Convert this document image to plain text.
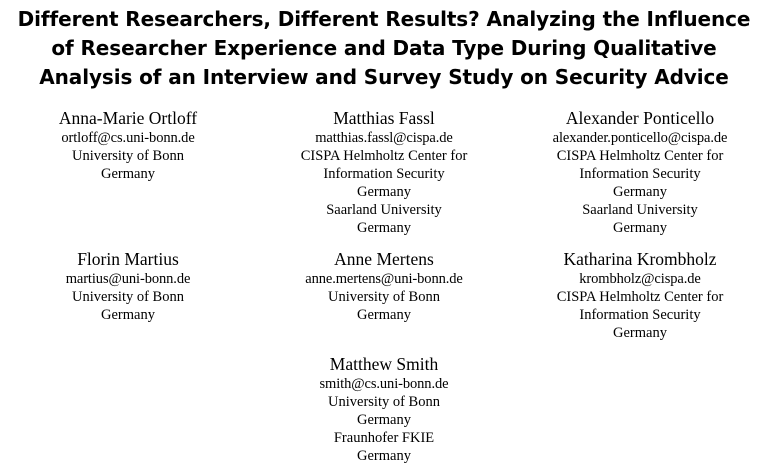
Different Researchers, Different Results? Analyzing the Influence
of Researcher Experience and Data Type During Qualitative
Analysis of an Interview and Survey Study on Security Advice
Anna-Marie Ortloff
ortloff@cs.uni-bonn.de
University of Bonn
Germany
Matthias Fassl
matthias.fassl@cispa.de
CISPA Helmholtz Center for
Information Security
Germany
Saarland University
Germany
Alexander Ponticello
alexander.ponticello@cispa.de
CISPA Helmholtz Center for
Information Security
Germany
Saarland University
Germany
Florin Martius
martius@uni-bonn.de
University of Bonn
Germany
Anne Mertens
anne.mertens@uni-bonn.de
University of Bonn
Germany
Katharina Krombholz
krombholz@cispa.de
CISPA Helmholtz Center for
Information Security
Germany
Matthew Smith
smith@cs.uni-bonn.de
University of Bonn
Germany
Fraunhofer FKIE
Germany
